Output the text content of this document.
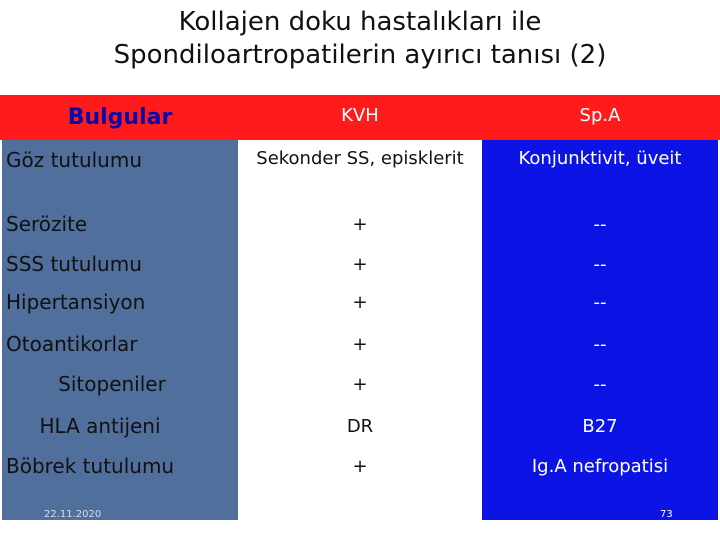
Kollajen doku hastalıkları ile
Spondiloartropatilerin ayırıcı tanısı (2)
Bulgular	KVH	Sp.A
Göz tutulumu	Sekonder SS, episklerit	Konjunktivit, üveit
Serözite	+	--
SSS tutulumu	+	--
Hipertansiyon	+	--
Otoantikorlar	+	--
Sitopeniler	+	--
HLA antijeni	DR	B27
Böbrek tutulumu	+	Ig.A nefropatisi
22.11.2020	73
